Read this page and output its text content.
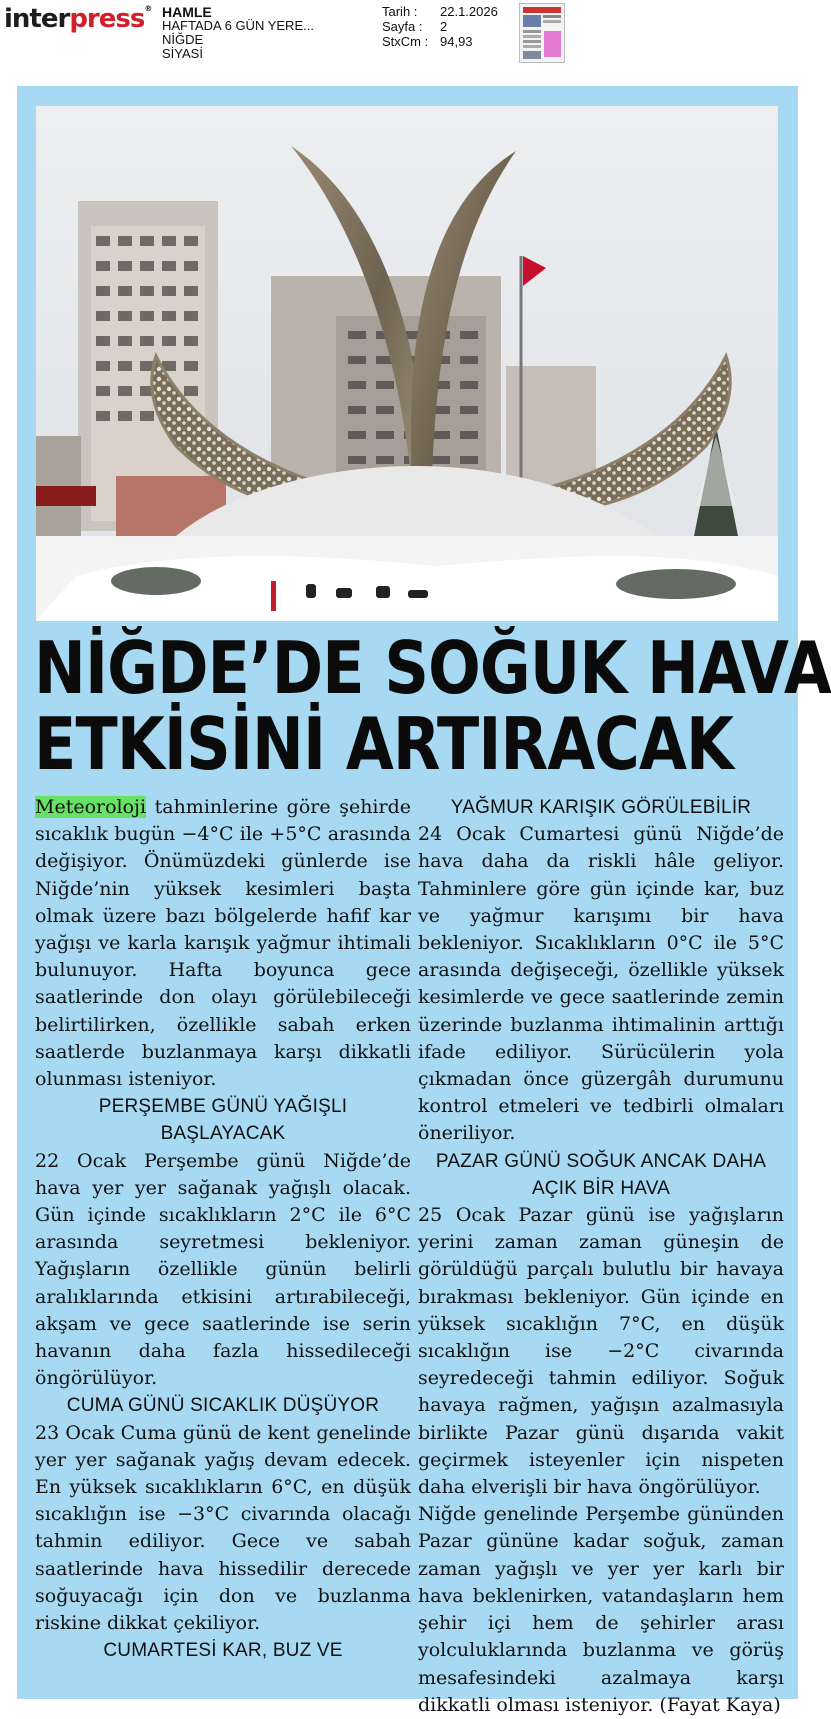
interpress® HAMLE
HAFTADA 6 GÜN YERE...
NİĞDE
SİYASİ
Tarih : 22.1.2026
Sayfa : 2
StxCm : 94,93
NİĞDE’DE SOĞUK HAVA
ETKİSİNİ ARTIRACAK

Meteoroloji tahminlerine göre şehirde sıcaklık bugün −4°C ile +5°C arasında değişiyor. Önümüzdeki günlerde ise Niğde’nin yüksek kesimleri başta olmak üzere bazı bölgelerde hafif kar yağışı ve karla karışık yağmur ihtimali bulunuyor. Hafta boyunca gece saatlerinde don olayı görülebileceği belirtilirken, özellikle sabah erken saatlerde buzlanmaya karşı dikkatli olunması isteniyor.

PERŞEMBE GÜNÜ YAĞIŞLI BAŞLAYACAK

22 Ocak Perşembe günü Niğde’de hava yer yer sağanak yağışlı olacak. Gün içinde sıcaklıkların 2°C ile 6°C arasında seyretmesi bekleniyor. Yağışların özellikle günün belirli aralıklarında etkisini artırabileceği, akşam ve gece saatlerinde ise serin havanın daha fazla hissedileceği öngörülüyor.

CUMA GÜNÜ SICAKLIK DÜŞÜYOR

23 Ocak Cuma günü de kent genelinde yer yer sağanak yağış devam edecek. En yüksek sıcaklıkların 6°C, en düşük sıcaklığın ise −3°C civarında olacağı tahmin ediliyor. Gece ve sabah saatlerinde hava hissedilir derecede soğuyacağı için don ve buzlanma riskine dikkat çekiliyor.

CUMARTESİ KAR, BUZ VE

YAĞMUR KARIŞIK GÖRÜLEBİLİR

24 Ocak Cumartesi günü Niğde’de hava daha da riskli hâle geliyor. Tahminlere göre gün içinde kar, buz ve yağmur karışımı bir hava bekleniyor. Sıcaklıkların 0°C ile 5°C arasında değişeceği, özellikle yüksek kesimlerde ve gece saatlerinde zemin üzerinde buzlanma ihtimalinin arttığı ifade ediliyor. Sürücülerin yola çıkmadan önce güzergâh durumunu kontrol etmeleri ve tedbirli olmaları öneriliyor.

PAZAR GÜNÜ SOĞUK ANCAK DAHA AÇIK BİR HAVA

25 Ocak Pazar günü ise yağışların yerini zaman zaman güneşin de görüldüğü parçalı bulutlu bir havaya bırakması bekleniyor. Gün içinde en yüksek sıcaklığın 7°C, en düşük sıcaklığın ise −2°C civarında seyredeceği tahmin ediliyor. Soğuk havaya rağmen, yağışın azalmasıyla birlikte Pazar günü dışarıda vakit geçirmek isteyenler için nispeten daha elverişli bir hava öngörülüyor.

Niğde genelinde Perşembe gününden Pazar gününe kadar soğuk, zaman zaman yağışlı ve yer yer karlı bir hava beklenirken, vatandaşların hem şehir içi hem de şehirler arası yolculuklarında buzlanma ve görüş mesafesindeki azalmaya karşı dikkatli olması isteniyor. (Fayat Kaya)
